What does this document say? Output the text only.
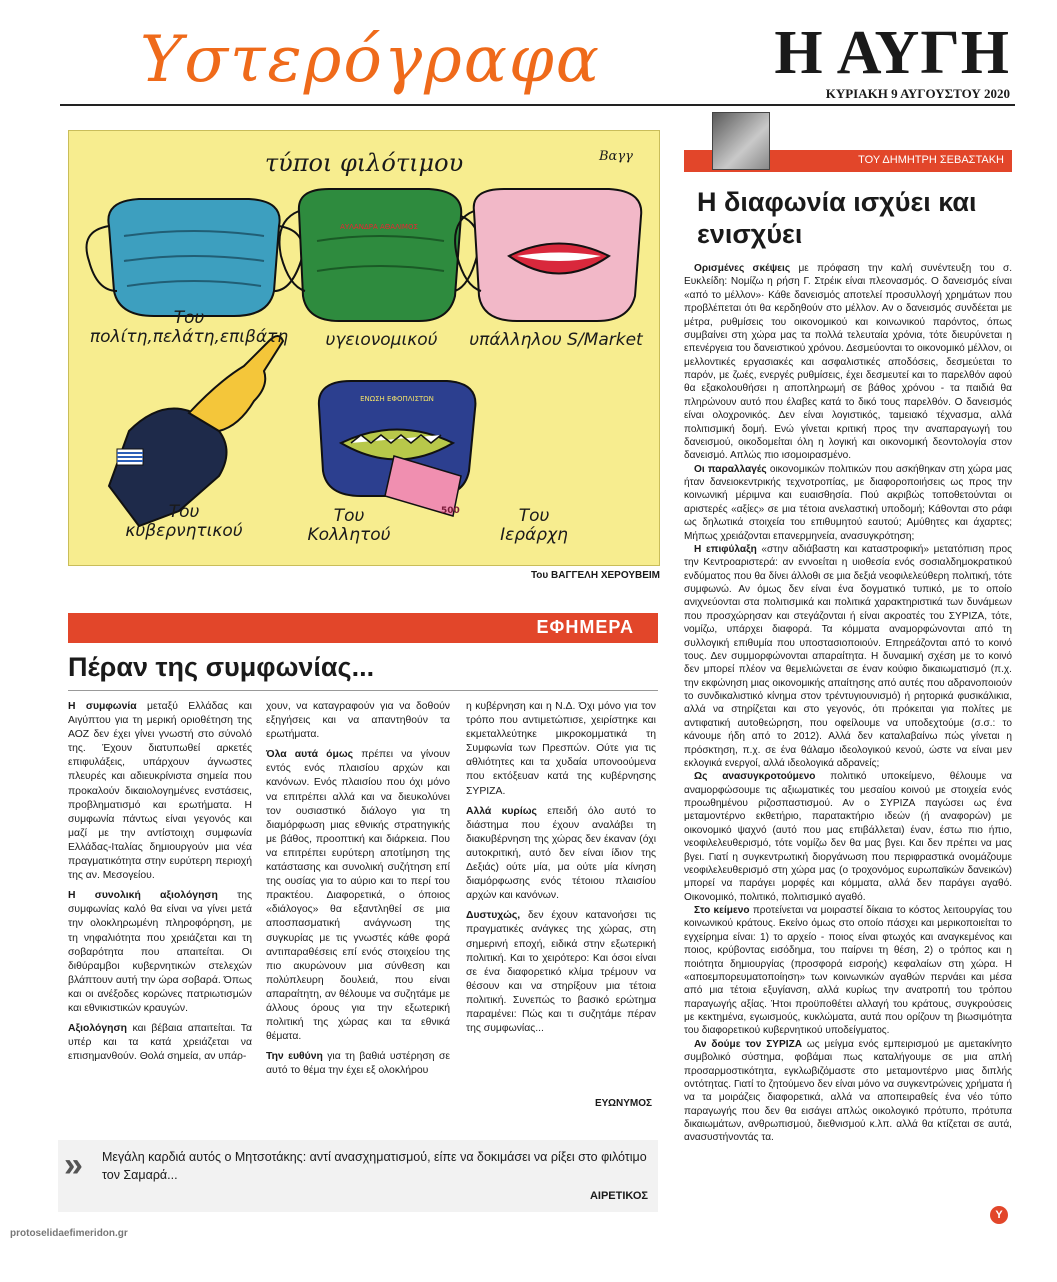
Υστερόγραφα	Η ΑΥΓΗ
ΚΥΡΙΑΚΗ 9 ΑΥΓΟΥΣΤΟΥ 2020
τύποι φιλότιμου	Βαγγ
ΑΥΛΑΝΔΡΑ ΑΘΑΛΙΜΟΣ
ΕΝΩΣΗ ΕΦΟΠΛΙΣΤΩΝ
500
Του
πολίτη,πελάτη,επιβάτη	υγειονομικού	υπάλληλου S/Market
Του
κυβερνητικού
Του
Κολλητού
Του
Ιεράρχη
Του ΒΑΓΓΕΛΗ ΧΕΡΟΥΒΕΙΜ
ΕΦΗΜΕΡΑ
Πέραν της συμφωνίας...

Η συμφωνία μεταξύ Ελλάδας και Αιγύπτου για τη μερική οριοθέτηση της ΑΟΖ δεν έχει γίνει γνωστή στο σύνολό της. Έχουν διατυπωθεί αρκετές επιφυλάξεις, υπάρχουν άγνωστες πλευρές και αδιευκρίνιστα σημεία που προκαλούν δικαιολογημένες ενστάσεις, προβληματισμό και ερωτήματα. Η συμφωνία πάντως είναι γεγονός και μαζί με την αντίστοιχη συμφωνία Ελλάδας-Ιταλίας δημιουργούν μια νέα πραγματικότητα στην ευρύτερη περιοχή της αν. Μεσογείου.

Η συνολική αξιολόγηση της συμφωνίας καλό θα είναι να γίνει μετά την ολοκληρωμένη πληροφόρηση, με τη νηφαλιότητα που χρειάζεται και τη σοβαρότητα που απαιτείται. Οι διθύραμβοι κυβερνητικών στελεχών βλάπτουν αυτή την ώρα σοβαρά. Όπως και οι ανέξοδες κορώνες πατριωτισμών και εθνικιστικών κραυγών.

Αξιολόγηση και βέβαια απαιτείται. Τα υπέρ και τα κατά χρειάζεται να επισημανθούν. Θολά σημεία, αν υπάρ-

χουν, να καταγραφούν για να δοθούν εξηγήσεις και να απαντηθούν τα ερωτήματα.

Όλα αυτά όμως πρέπει να γίνουν εντός ενός πλαισίου αρχών και κανόνων. Ενός πλαισίου που όχι μόνο να επιτρέπει αλλά και να διευκολύνει τον ουσιαστικό διάλογο για τη διαμόρφωση μιας εθνικής στρατηγικής με βάθος, προοπτική και διάρκεια. Που να επιτρέπει ευρύτερη αποτίμηση της κατάστασης και συνολική συζήτηση επί της ουσίας για το αύριο και το περί του πρακτέου. Διαφορετικά, ο όποιος «διάλογος» θα εξαντληθεί σε μια αποσπασματική ανάγνωση της συγκυρίας με τις γνωστές κάθε φορά αντιπαραθέσεις επί ενός στοιχείου της πιο ακυρώνουν μια σύνθεση και πολύπλευρη δουλειά, που είναι απαραίτητη, αν θέλουμε να συζητάμε με άλλους όρους για την εξωτερική πολιτική της χώρας και τα εθνικά θέματα.

Την ευθύνη για τη βαθιά υστέρηση σε αυτό το θέμα την έχει εξ ολοκλήρου

η κυβέρνηση και η Ν.Δ. Όχι μόνο για τον τρόπο που αντιμετώπισε, χειρίστηκε και εκμεταλλεύτηκε μικροκομματικά τη Συμφωνία των Πρεσπών. Ούτε για τις αθλιότητες και τα χυδαία υπονοούμενα που εκτόξευαν κατά της κυβέρνησης ΣΥΡΙΖΑ.

Αλλά κυρίως επειδή όλο αυτό το διάστημα που έχουν αναλάβει τη διακυβέρνηση της χώρας δεν έκαναν (όχι αυτοκριτική, αυτό δεν είναι ίδιον της Δεξιάς) ούτε μία, μα ούτε μία κίνηση διαμόρφωσης ενός τέτοιου πλαισίου αρχών και κανόνων.

Δυστυχώς, δεν έχουν κατανοήσει τις πραγματικές ανάγκες της χώρας, στη σημερινή εποχή, ειδικά στην εξωτερική πολιτική. Και το χειρότερο: Και όσοι είναι σε ένα διαφορετικό κλίμα τρέμουν να θέσουν και να στηρίξουν μια τέτοια πολιτική. Συνεπώς το βασικό ερώτημα παραμένει: Πώς και τι συζητάμε πέραν της συμφωνίας...

ΕΥΩΝΥΜΟΣ
» Μεγάλη καρδιά αυτός ο Μητσοτάκης: αντί ανασχηματισμού, είπε να δοκιμάσει να ρίξει στο φιλότιμο τον Σαμαρά...
ΑΙΡΕΤΙΚΟΣ
protoselidaefimeridon.gr
ΤΟΥ ΔΗΜΗΤΡΗ ΣΕΒΑΣΤΑΚΗ
Η διαφωνία ισχύει και ενισχύει

Ορισμένες σκέψεις με πρόφαση την καλή συνέντευξη του σ. Ευκλείδη: Νομίζω η ρήση Γ. Στρέικ είναι πλεονασμός. Ο δανεισμός είναι «από το μέλλον»· Κάθε δανεισμός αποτελεί προσυλλογή χρημάτων που προβλέπεται ότι θα κερδηθούν στο μέλλον. Αν ο δανεισμός συνδέεται με μέτρα, ρυθμίσεις του οικονομικού και κοινωνικού παρόντος, όπως συμβαίνει στη χώρα μας τα πολλά τελευταία χρόνια, τότε διευρύνεται η επενέργεια του δανειστικού χρόνου. Δεσμεύονται το οικονομικό μέλλον, οι μελλοντικές εργασιακές και ασφαλιστικές αποδόσεις, δεσμεύεται το παρόν, με ζωές, ενεργές ρυθμίσεις, έχει δεσμευτεί και το παρελθόν αφού θα εξακολουθήσει η αποπληρωμή σε βάθος χρόνου - τα παιδιά θα πληρώνουν αυτό που έλαβες κατά το δικό τους παρελθόν. Ο δανεισμός είναι ολοχρονικός. Δεν είναι λογιστικός, ταμειακό τέχνασμα, αλλά πολιτισμική δομή. Ενώ γίνεται κριτική προς την αναπαραγωγή του δανεισμού, οικοδομείται όλη η λογική και οικονομική δεοντολογία στον δανεισμό. Απλώς πιο ισομοιρασμένο.

Οι παραλλαγές οικονομικών πολιτικών που ασκήθηκαν στη χώρα μας ήταν δανειοκεντρικής τεχνοτροπίας, με διαφοροποιήσεις ως προς την κοινωνική μέριμνα και ευαισθησία. Πού ακριβώς τοποθετούνται οι αριστερές «αξίες» σε μια τέτοια ανελαστική υποδομή; Κάθονται στο ράφι ως δηλωτικά στοιχεία του επιθυμητού εαυτού; Αμύθητες και άχαρτες; Μήπως χρειάζονται επανερμηνεία, ανασυγκρότηση;

Η επιφύλαξη «στην αδιάβαστη και καταστροφική» μετατόπιση προς την Κεντροαριστερά: αν εννοείται η υιοθεσία ενός σοσιαλδημοκρατικού ενδύματος που θα δίνει άλλοθι σε μια δεξιά νεοφιλελεύθερη πολιτική, τότε συμφωνώ. Αν όμως δεν είναι ένα δογματικό τυπικό, με το οποίο ανιχνεύονται στα πολιτισμικά και πολιτικά χαρακτηριστικά των δυνάμεων που προσχώρησαν και στεγάζονται ή είναι ακροατές του ΣΥΡΙΖΑ, τότε, νομίζω, υπάρχει διαφορά. Τα κόμματα αναμορφώνονται από τη συλλογική επιθυμία που υποστασιοποιούν. Επηρεάζονται από το κοινό τους. Δεν συμμορφώνονται απαραίτητα. Η δυναμική σχέση με το κοινό δεν μπορεί πλέον να θεμελιώνεται σε έναν κούφιο δικαιωματισμό (π.χ. την εκφώνηση μιας οικονομικής απαίτησης από αυτές που αδρανοποιούν το συνδικαλιστικό κίνημα στον τρέντυγιουνισμό) ή ρητορικά φυσικάλικια, αλλά να στηρίζεται και στο γεγονός, ότι πρόκειται για πολίτες με αντιφατική αυτοθεώρηση, που οφείλουμε να υποδεχτούμε (σ.σ.: το κάνουμε ήδη από το 2012). Αλλά δεν καταλαβαίνω πώς γίνεται η πρόσκτηση, π.χ. σε ένα θάλαμο ιδεολογικού κενού, ώστε να είναι μεν εκλογικά ενεργοί, αλλά ιδεολογικά αδρανείς;

Ως ανασυγκροτούμενο πολιτικό υποκείμενο, θέλουμε να αναμορφώσουμε τις αξιωματικές του μεσαίου κοινού με στοιχεία ενός προωθημένου ριζοσπαστισμού. Αν ο ΣΥΡΙΖΑ παγώσει ως ένα μεταμοντέρνο εκθετήριο, παρατακτήριο ιδεών (ή αναφορών) με οικονομικό ψαχνό (αυτό που μας επιβάλλεται) έναν, έστω πιο ήπιο, νεοφιλελευθερισμό, τότε νομίζω δεν θα μας βγει. Και δεν πρέπει να μας βγει. Γιατί η συγκεντρωτική διοργάνωση που περιφραστικά ονομάζουμε νεοφιλελευθερισμό στη χώρα μας (ο τροχονόμος ευρωπαϊκών δανεικών) μπορεί να παράγει μορφές και κόμματα, αλλά δεν παράγει αγαθό. Οικονομικό, πολιτικό, πολιτισμικό αγαθό.

Στο κείμενο προτείνεται να μοιραστεί δίκαια το κόστος λειτουργίας του κοινωνικού κράτους. Εκείνο όμως στο οποίο πάσχει και μερικοποιείται το εγχείρημα είναι: 1) το αρχείο - ποιος είναι φτωχός και αναγκεμένος και ποιος, κρύβοντας εισόδημα, του παίρνει τη θέση, 2) ο τρόπος και η ποιότητα δημιουργίας (προσφορά εισροής) κεφαλαίων στη χώρα. Η «αποεμπορευματοποίηση» των κοινωνικών αγαθών περνάει και μέσα από μια τέτοια εξυγίανση, αλλά κυρίως την ανατροπή του τρόπου παραγωγής αξίας. Ήτοι προϋποθέτει αλλαγή του κράτους, συγκρούσεις με κεκτημένα, εγωισμούς, κυκλώματα, αυτά που ορίζουν τη βιωσιμότητα του διαφορετικού κυβερνητικού υποδείγματος.

Αν δούμε τον ΣΥΡΙΖΑ ως μείγμα ενός εμπειρισμού με αμετακίνητο συμβολικό σύστημα, φοβάμαι πως καταλήγουμε σε μια απλή προσαρμοστικότητα, εγκλωβιζόμαστε στο μεταμοντέρνο μιας διπλής οντότητας. Γιατί το ζητούμενο δεν είναι μόνο να συγκεντρώνεις χρήματα ή να τα μοιράζεις διαφορετικά, αλλά να αποπειραθείς ένα νέο τύπο παραγωγής που δεν θα εισάγει απλώς οικολογικό πρότυπο, πρότυπα δικαιωμάτων, ανθρωπισμού, διεθνισμού κ.λπ. αλλά θα κτίζεται σε αυτά, ανασυστήνοντάς τα.

Υ
